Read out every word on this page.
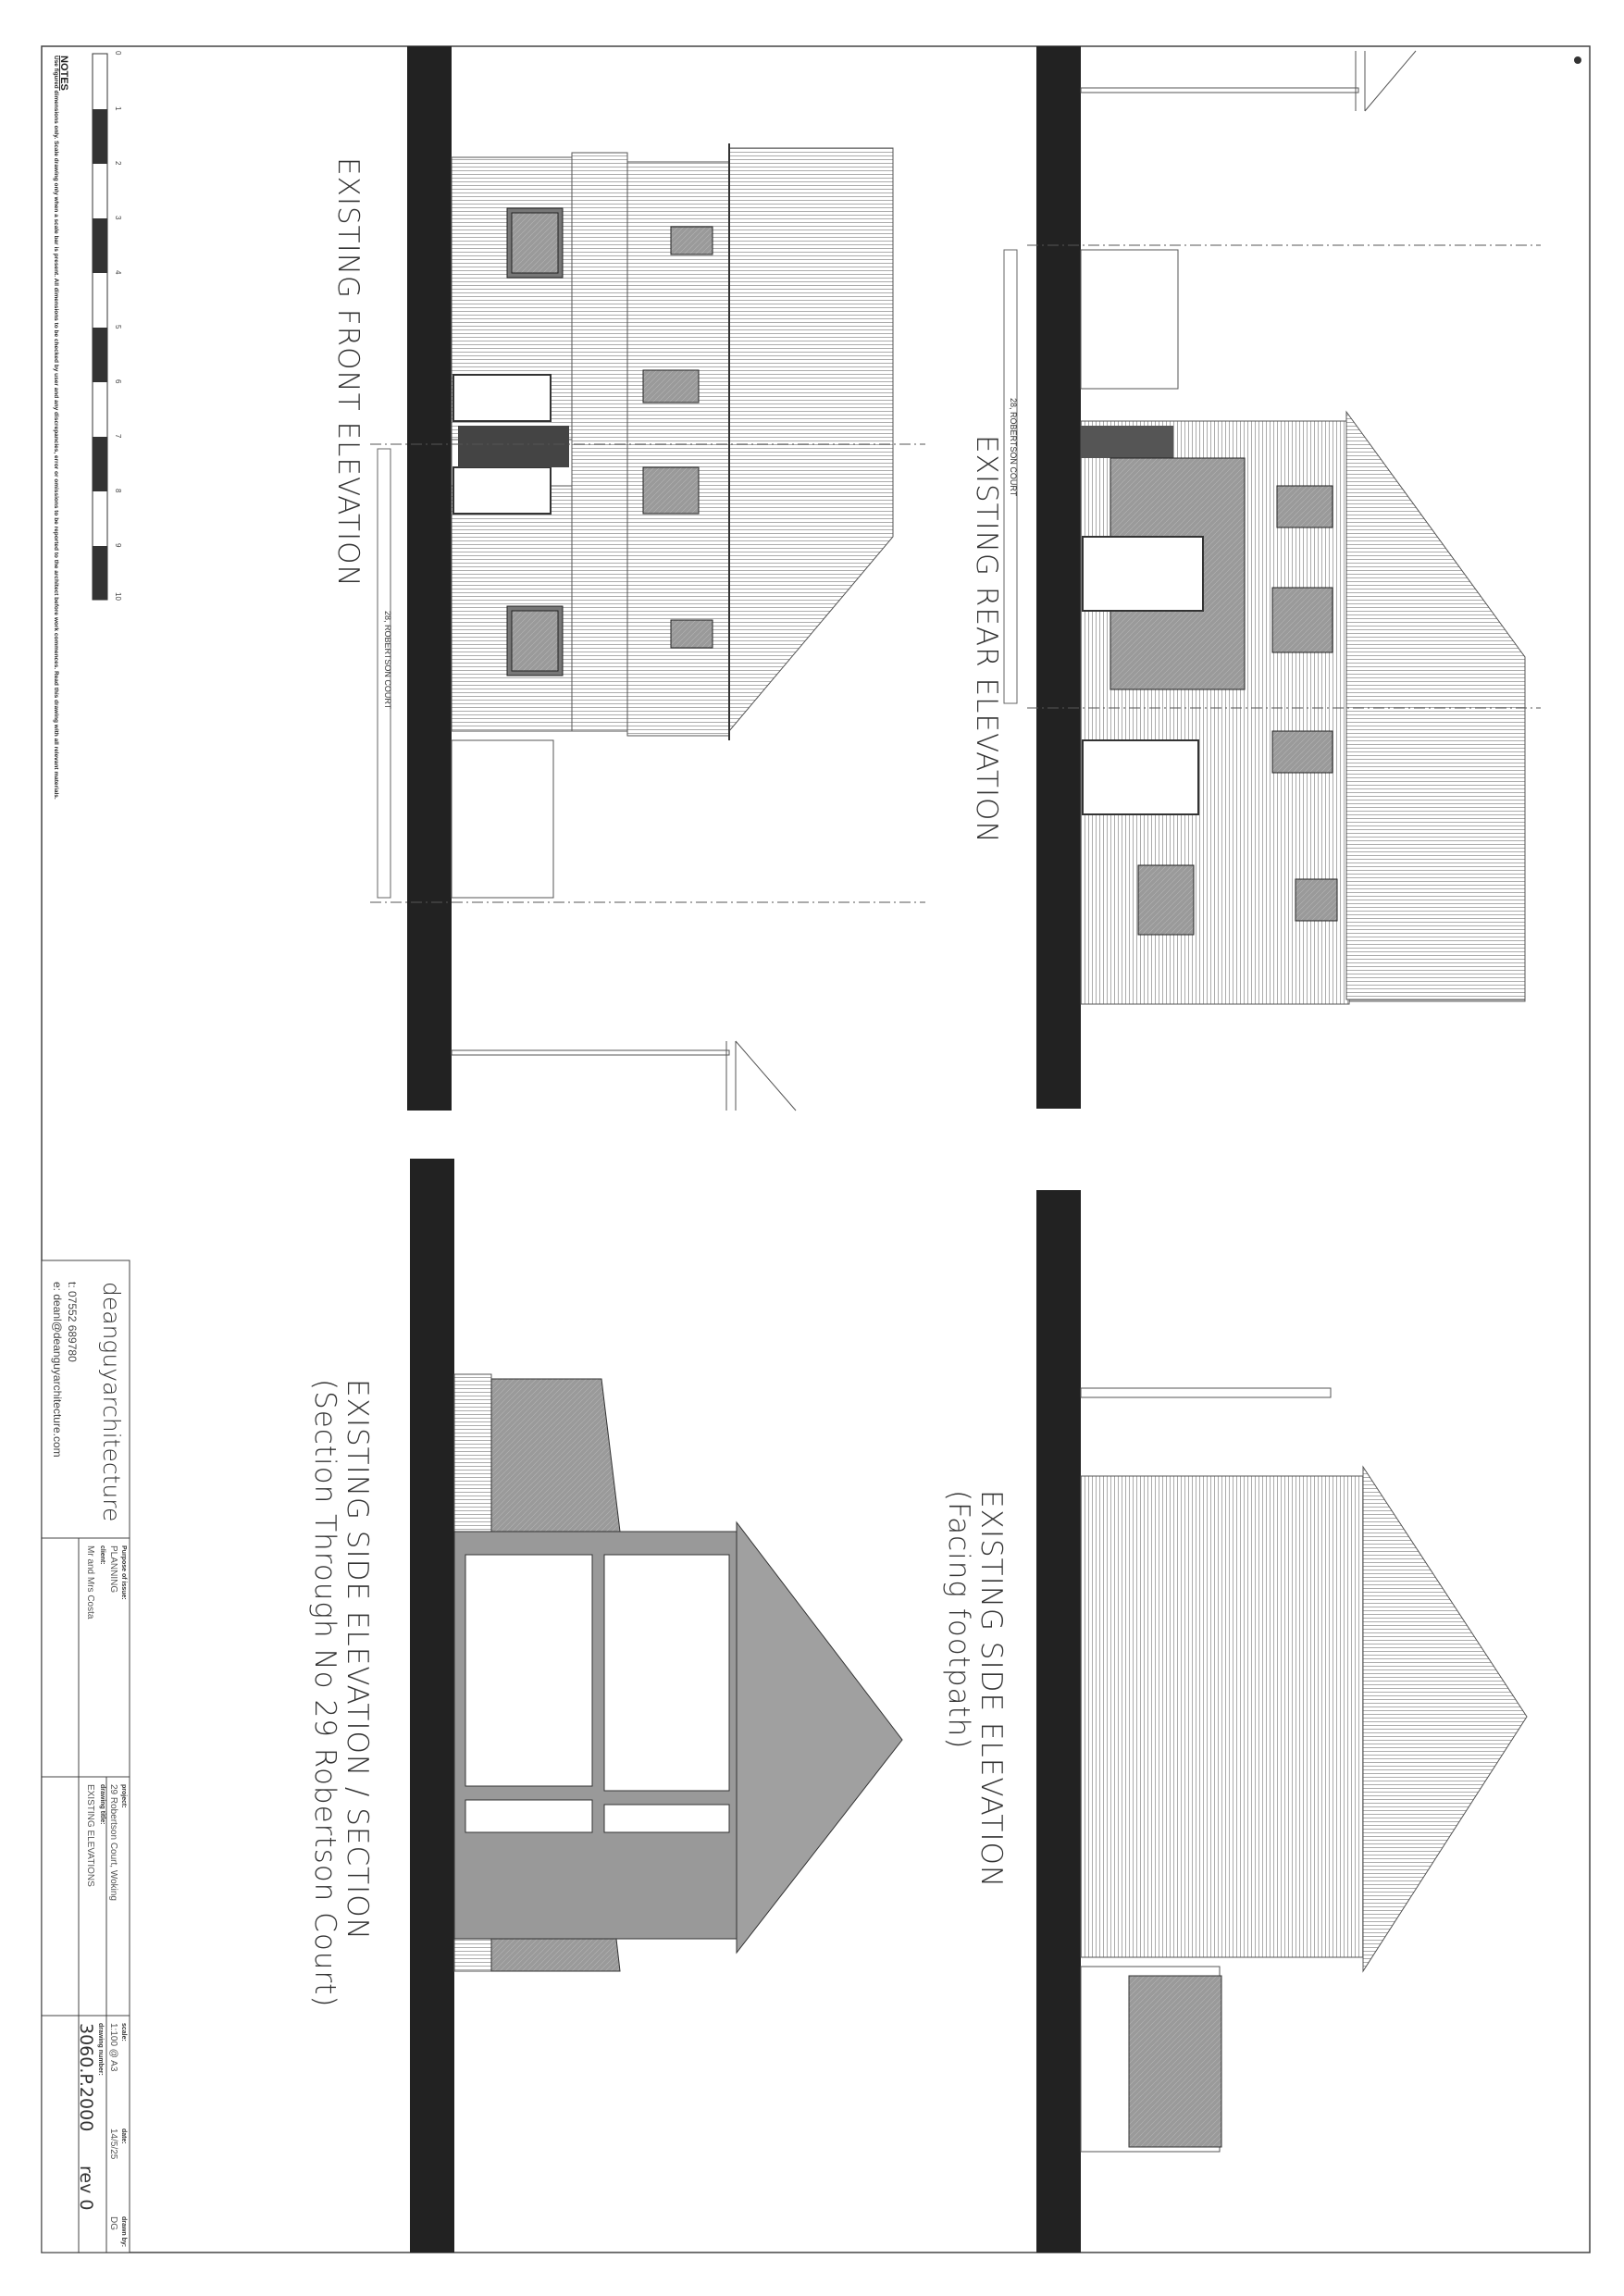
EXISTING FRONT ELEVATION
EXISTING REAR ELEVATION
EXISTING SIDE ELEVATION / SECTION
(Section Through No 29 Robertson Court)	EXISTING SIDE ELEVATION
(Facing footpath)
28, ROBERTSON COURT
28, ROBERTSON COURT
NOTES
Use figured dimensions only. Scale drawing only when a scale bar is present. All dimensions to be checked by user and any discrepancies, error or omissions to be reported to the architect before work commences. Read this drawing with all relevant materials.
0
1
2
3
4
5
6
7
8
9
10
deanguyarchitecture
t: 07552 689780
e: deanl@deanguyarchitecture.com
Purpose of issue:
PLANNING
client:
Mr and Mrs Costa
project:
29 Robertson Court, Woking
drawing title:
EXISTING ELEVATIONS
scale:
1:100 @ A3
date:
14/5/25
drawn by:
DG
drawing number:
3060.P.2000
rev 0
